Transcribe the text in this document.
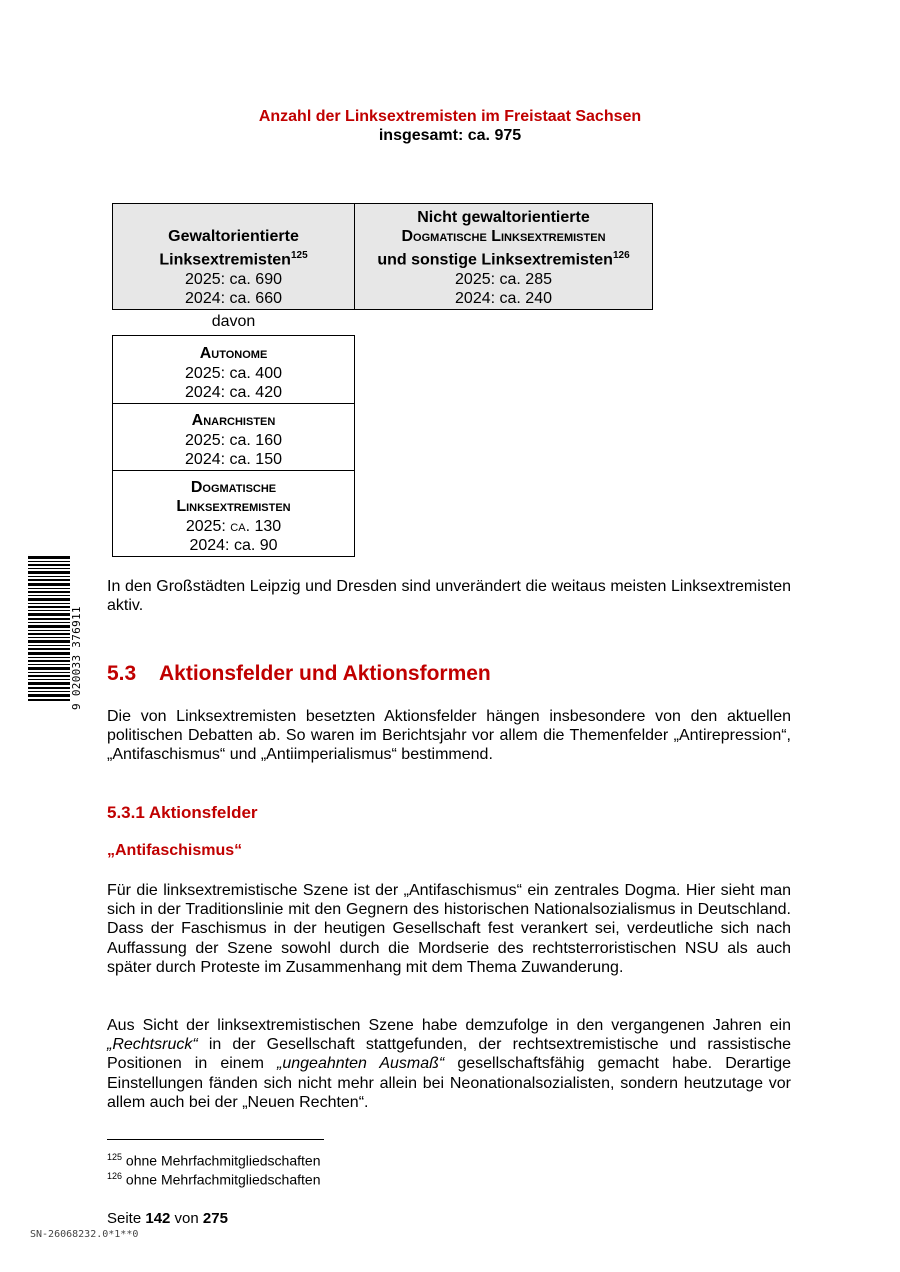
Anzahl der Linksextremisten im Freistaat Sachsen
insgesamt: ca. 975
Gewaltorientierte
Linksextremisten$^{125}$
2025: ca. 690
2024: ca. 660
Nicht gewaltorientierte
Dogmatische Linksextremisten
und sonstige Linksextremisten$^{126}$
2025: ca. 285
2024: ca. 240
davon
Autonome
2025: ca. 400
2024: ca. 420
Anarchisten
2025: ca. 160
2024: ca. 150
Dogmatische
Linksextremisten
2025: ca. 130
2024: ca. 90
In den Großstädten Leipzig und Dresden sind unverändert die weitaus meisten Linksextremisten aktiv.
5.3 Aktionsfelder und Aktionsformen
Die von Linksextremisten besetzten Aktionsfelder hängen insbesondere von den aktuellen politischen Debatten ab. So waren im Berichtsjahr vor allem die Themenfelder „Antirepression“, „Antifaschismus“ und „Antiimperialismus“ bestimmend.
5.3.1 Aktionsfelder
„Antifaschismus“
Für die linksextremistische Szene ist der „Antifaschismus“ ein zentrales Dogma. Hier sieht man sich in der Traditionslinie mit den Gegnern des historischen Nationalsozialismus in Deutschland. Dass der Faschismus in der heutigen Gesellschaft fest verankert sei, verdeutliche sich nach Auffassung der Szene sowohl durch die Mordserie des rechtsterroristischen NSU als auch später durch Proteste im Zusammenhang mit dem Thema Zuwanderung.
Aus Sicht der linksextremistischen Szene habe demzufolge in den vergangenen Jahren ein „Rechtsruck“ in der Gesellschaft stattgefunden, der rechtsextremistische und rassistische Positionen in einem „ungeahnten Ausmaß“ gesellschaftsfähig gemacht habe. Derartige Einstellungen fänden sich nicht mehr allein bei Neonationalsozialisten, sondern heutzutage vor allem auch bei der „Neuen Rechten“.
$^{125}$ ohne Mehrfachmitgliedschaften
$^{126}$ ohne Mehrfachmitgliedschaften
Seite 142 von 275
SN-26068232.0*1**0
9 020033 376911
